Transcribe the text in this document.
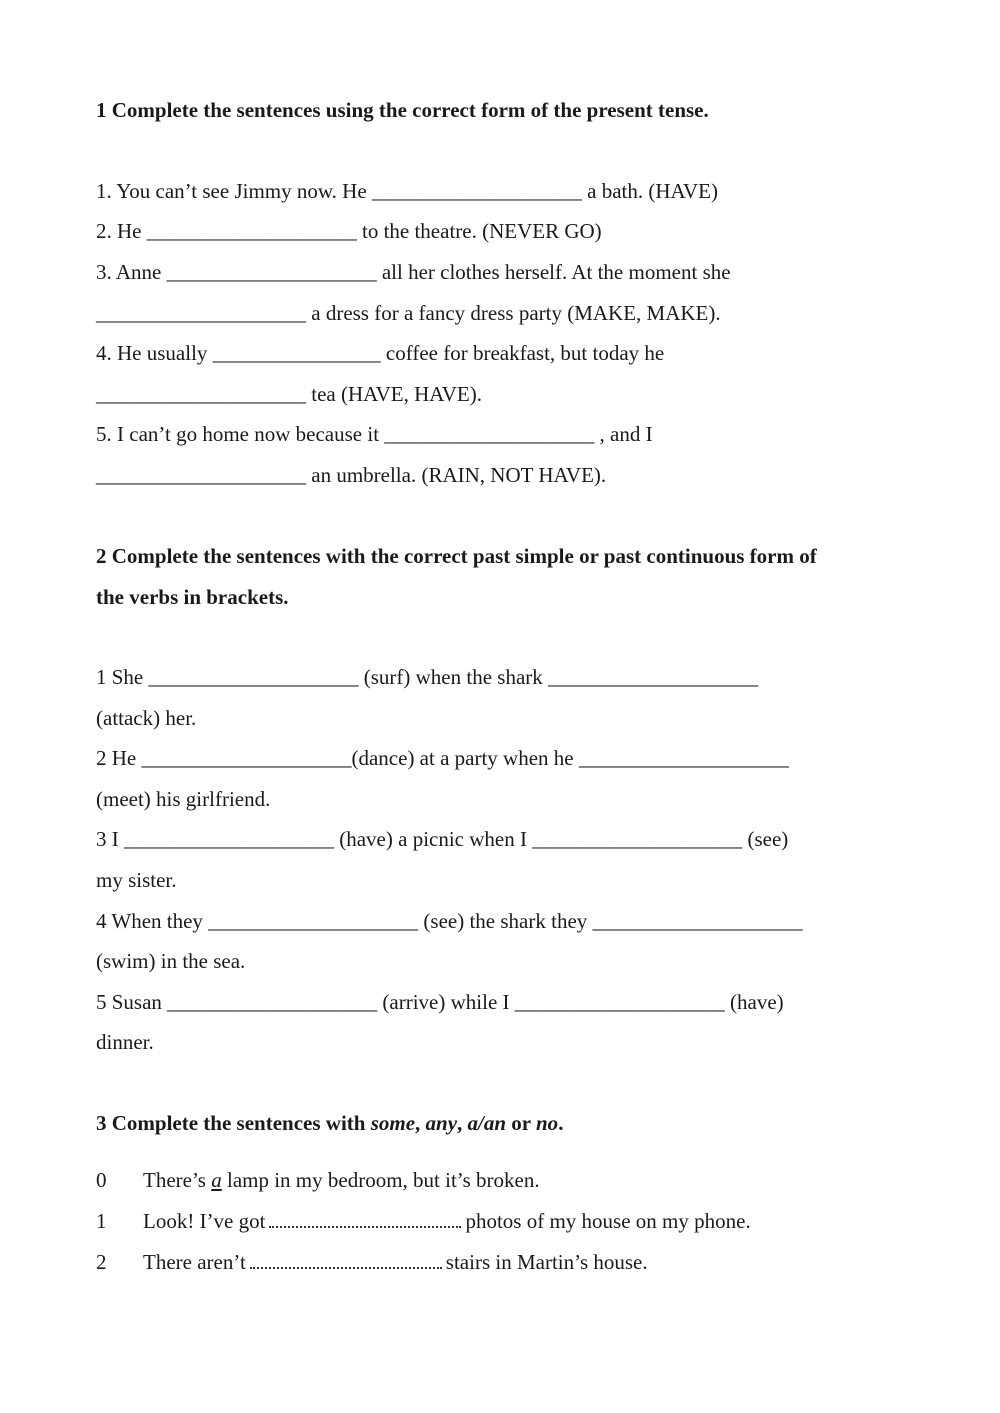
1 Complete the sentences using the correct form of the present tense.

1. You can’t see Jimmy now. He ____________________ a bath. (HAVE)

2. He ____________________ to the theatre. (NEVER GO)

3. Anne ____________________ all her clothes herself. At the moment she

____________________ a dress for a fancy dress party (MAKE, MAKE).

4. He usually ________________ coffee for breakfast, but today he

____________________ tea (HAVE, HAVE).

5. I can’t go home now because it ____________________ , and I

____________________ an umbrella. (RAIN, NOT HAVE).

2 Complete the sentences with the correct past simple or past continuous form of

the verbs in brackets.

1 She ____________________ (surf) when the shark ____________________

(attack) her.

2 He ____________________(dance) at a party when he ____________________

(meet) his girlfriend.

3 I ____________________ (have) a picnic when I ____________________ (see)

my sister.

4 When they ____________________ (see) the shark they ____________________

(swim) in the sea.

5 Susan ____________________ (arrive) while I ____________________ (have)

dinner.

3 Complete the sentences with some, any, a/an or no.

0 There’s a lamp in my bedroom, but it’s broken.
1 Look! I’ve got	photos of my house on my phone.
2 There aren’t	stairs in Martin’s house.
